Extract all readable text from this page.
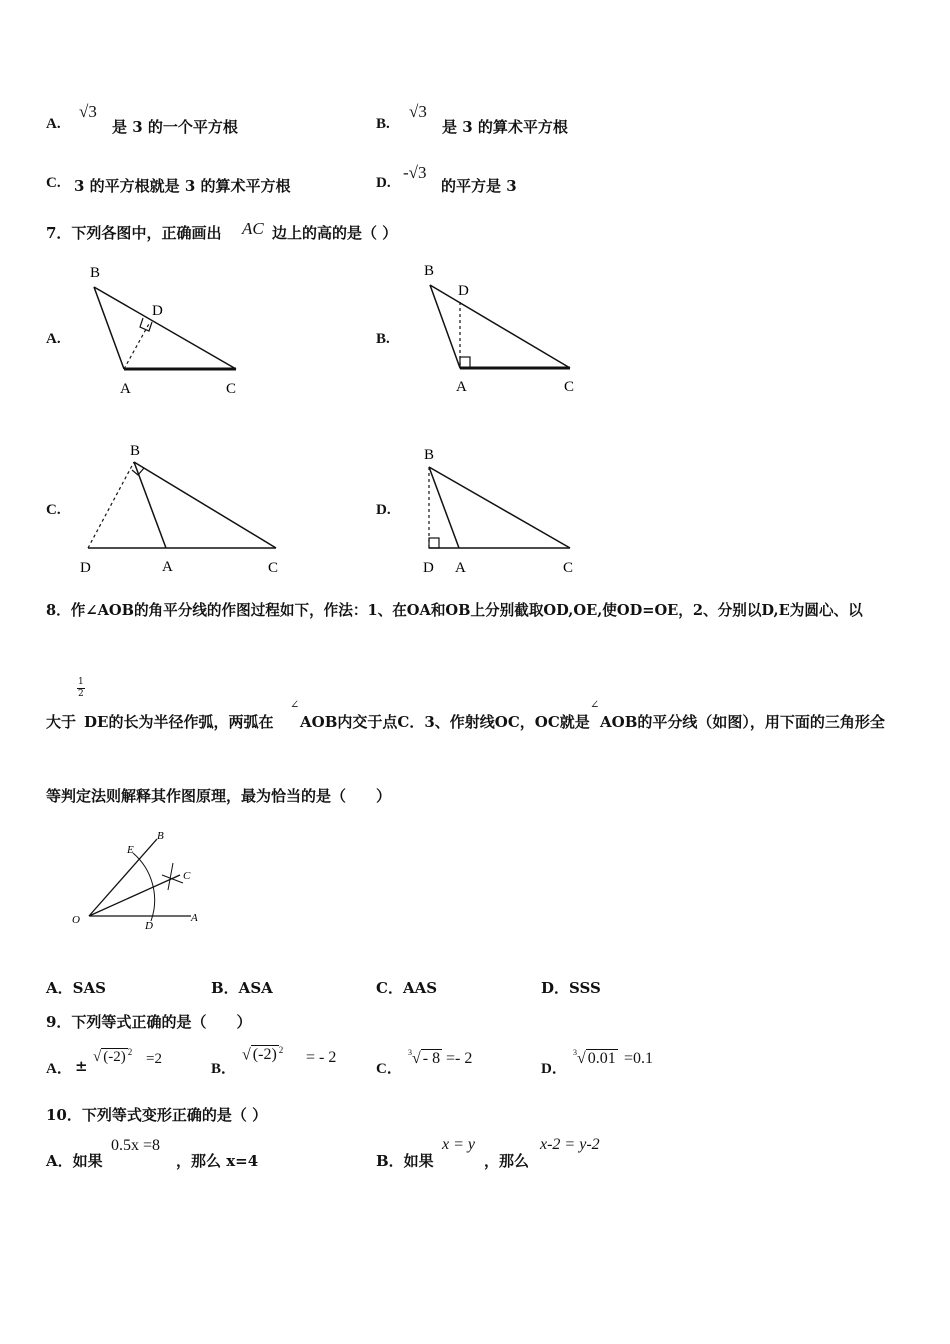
A.
√3
是 3 的一个平方根	B.
√3
是 3 的算术平方根
C. 3 的平方根就是 3 的算术平方根	D.
-√3
的平方是 3
7．下列各图中，正确画出 AC 边上的高的是（ ）
A.	B.
C.	D.
B
D
A	C
B
D
A	C
B
D	A	C
B
D A	C
8．作∠AOB的角平分线的作图过程如下，作法：1、在OA和OB上分别截取OD,OE,使OD=OE，2、分别以D,E为圆心、以
$\frac{1}{2}$
大于 DE的长为半径作弧，两弧在
∠
AOB内交于点C．3、作射线OC，OC就是
∠
AOB的平分线（如图），用下面的三角形全
等判定法则解释其作图原理，最为恰当的是（　　）
O	A
B
C
D
E
A．SAS	B．ASA	C．AAS	D．SSS
9．下列等式正确的是（　　）
A． ± √ (-2) $^2$ =2
B．
√ (-2) $^2$ = - 2
C．
$^3$√ - 8 =- 2
D．
$^3$√ 0.01 =0.1
10．下列等式变形正确的是（ ）
A．如果
0.5x =8
，那么 x=4	B．如果
x = y
，那么
x-2 = y-2
